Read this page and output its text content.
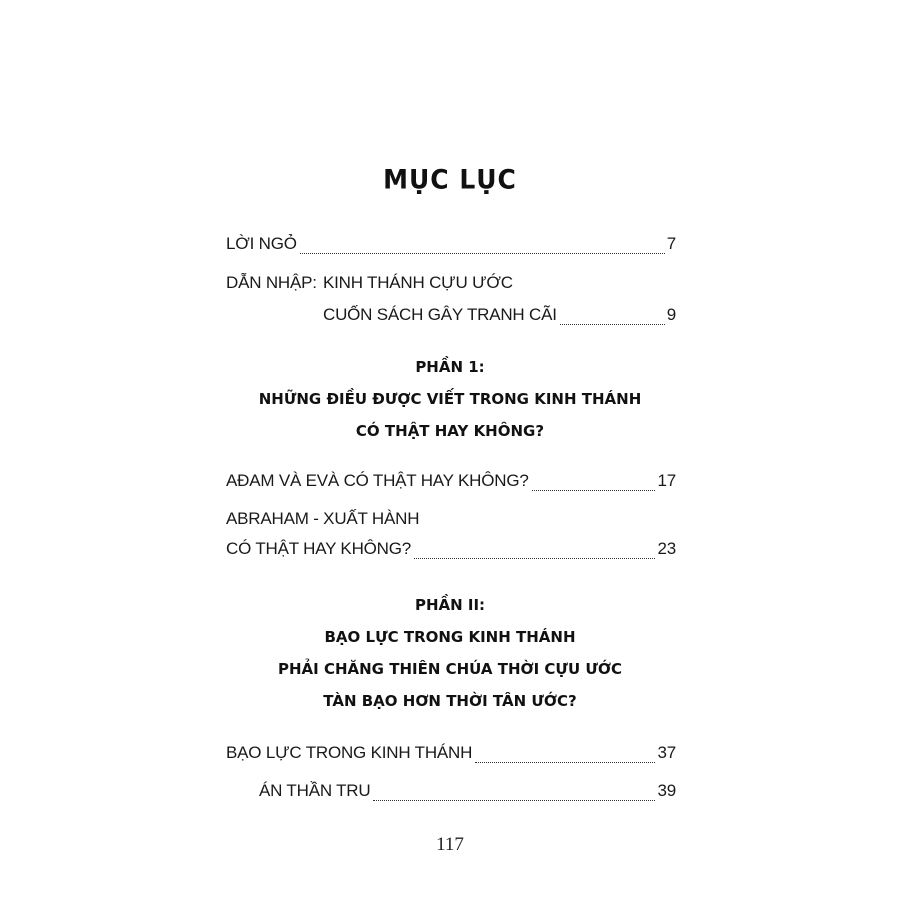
MỤC LỤC
LỜI NGỎ	7
DẪN NHẬP: KINH THÁNH CỰU ƯỚC
CUỐN SÁCH GÂY TRANH CÃI	9
PHẦN 1:
NHỮNG ĐIỀU ĐƯỢC VIẾT TRONG KINH THÁNH
CÓ THẬT HAY KHÔNG?
AĐAM VÀ EVÀ CÓ THẬT HAY KHÔNG?	17
ABRAHAM - XUẤT HÀNH
CÓ THẬT HAY KHÔNG?	23
PHẦN II:
BẠO LỰC TRONG KINH THÁNH
PHẢI CHĂNG THIÊN CHÚA THỜI CỰU ƯỚC
TÀN BẠO HƠN THỜI TÂN ƯỚC?
BẠO LỰC TRONG KINH THÁNH	37
ÁN THẦN TRU	39
117
